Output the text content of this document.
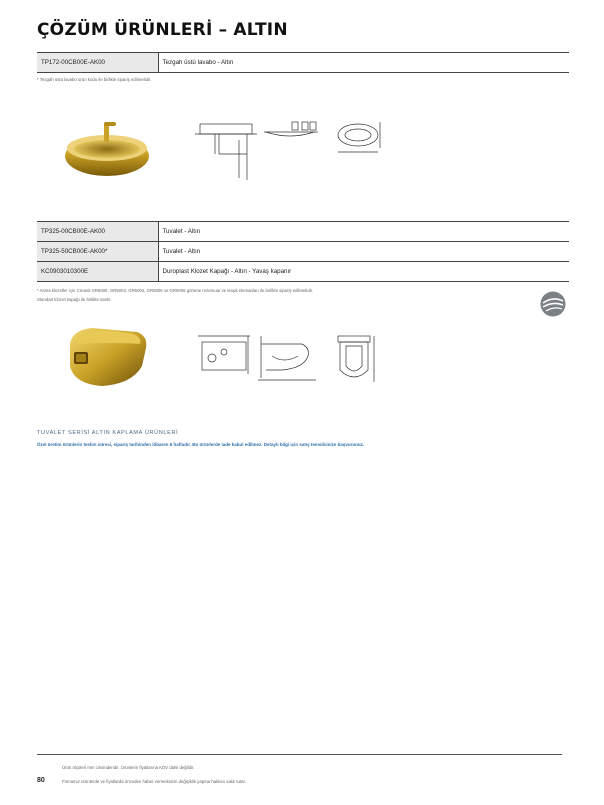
ÇÖZÜM ÜRÜNLERİ – ALTIN
TP172-00CB00E-AK00	Tezgah üstü lavabo - Altın
* Tezgah üstü lavabo ürün kodu ile birlikte sipariş edilmelidir.
TP325-00CB00E-AK00	Tuvalet - Altın
TP325-50CB00E-AK00*	Tuvalet - Altın
KC0903010300E	Duroplast Klozet Kapağı - Altın - Yavaş kapanır
* Asma klozetler için Creavit GR5000, GR5003, GR5004, GR5005 ve GR5006 gömme rezervuar ve tespit elemanları ile birlikte sipariş edilmelidir.
Standart klozet kapağı ile birlikte satılır.
TUVALET SERİSİ ALTIN KAPLAMA ÜRÜNLERİ
Özel üretim ürünlerin teslim süresi, sipariş tarihinden itibaren 6 haftadır. Bu ürünlerde iade kabul edilmez. Detaylı bilgi için satış temsilcinize başvurunuz.
Ürün ölçüleri mm cinsindendir. Ürünlerin fiyatlarına KDV dahil değildir.
80	Firmamız ürünlerde ve fiyatlarda önceden haber vermeksizin değişiklik yapma hakkını saklı tutar.
